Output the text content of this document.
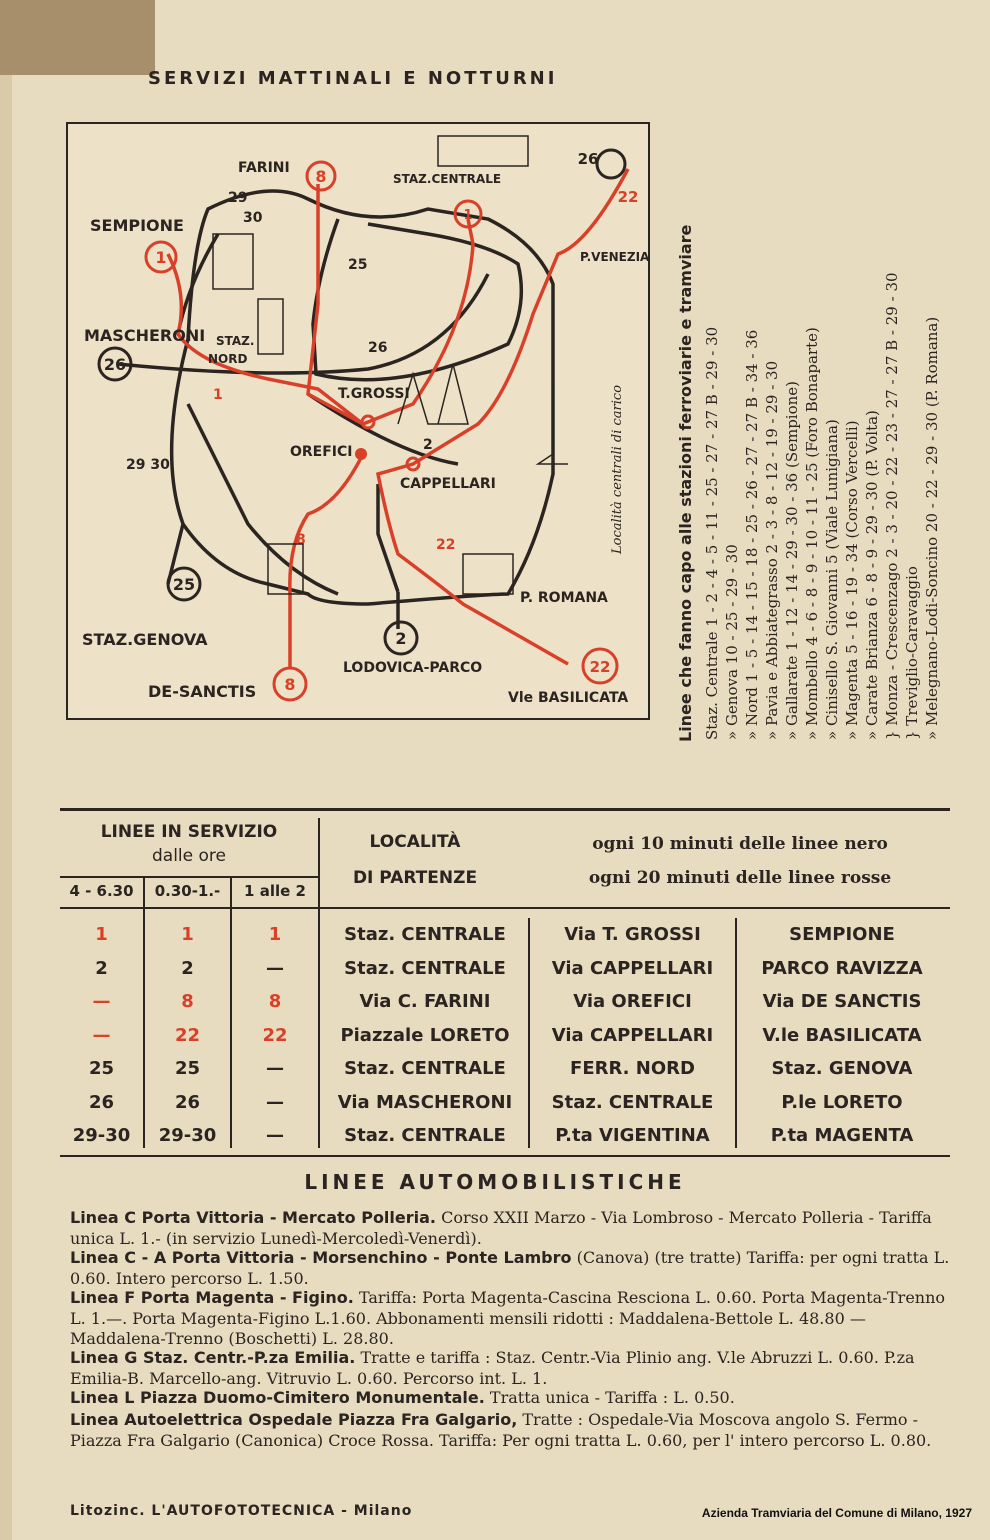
SERVIZI MATTINALI E NOTTURNI
8
1
26
22
26
25
2
8
22
1
29
30
25
26
2
29 30
8
1
22
FARINI
STAZ.CENTRALE
SEMPIONE
MASCHERONI STAZ.
NORD
T.GROSSI
OREFICI
CAPPELLARI
P.VENEZIA
P. ROMANA
STAZ.GENOVA
DE-SANCTIS
LODOVICA-PARCO
Vle BASILICATA
Località centrali di carico	Linee che fanno capo alle stazioni ferroviarie e tramviare Staz. Centrale 1 - 2 - 4 - 5 - 11 - 25 - 27 - 27 B - 29 - 30 » Genova 10 - 25 - 29 - 30 » Nord 1 - 5 - 14 - 15 - 18 - 25 - 26 - 27 - 27 B - 34 - 36 » Pavia e Abbiategrasso 2 - 3 - 8 - 12 - 19 - 29 - 30 » Gallarate 1 - 12 - 14 - 29 - 30 - 36 (Sempione) » Mombello 4 - 6 - 8 - 9 - 10 - 11 - 25 (Foro Bonaparte) » Cinisello S. Giovanni 5 (Viale Lunigiana) » Magenta 5 - 16 - 19 - 34 (Corso Vercelli) » Carate Brianza 6 - 8 - 9 - 29 - 30 (P. Volta) } Monza - Crescenzago 2 - 3 - 20 - 22 - 23 - 27 - 27 B - 29 - 30 } Treviglio-Caravaggio » Melegnano-Lodi-Soncino 20 - 22 - 29 - 30 (P. Romana)
LINEE IN SERVIZIO
dalle ore
4 - 6.30	0.30-1.-	1 alle 2
LOCALITÀ
DI PARTENZE
ogni 10 minuti delle linee nero
ogni 20 minuti delle linee rosse
1	1	1	Staz. CENTRALE	Via T. GROSSI	SEMPIONE
2	2	—	Staz. CENTRALE	Via CAPPELLARI	PARCO RAVIZZA
—	8	8	Via C. FARINI	Via OREFICI	Via DE SANCTIS
—	22	22	Piazzale LORETO	Via CAPPELLARI	V.le BASILICATA
25	25	—	Staz. CENTRALE	FERR. NORD	Staz. GENOVA
26	26	—	Via MASCHERONI	Staz. CENTRALE	P.le LORETO
29-30	29-30	—	Staz. CENTRALE	P.ta VIGENTINA	P.ta MAGENTA
LINEE AUTOMOBILISTICHE
Linea C Porta Vittoria - Mercato Polleria. Corso XXII Marzo - Via Lombroso - Mercato Polleria - Tariffa unica L. 1.- (in servizio Lunedì-Mercoledì-Venerdì).
Linea C - A Porta Vittoria - Morsenchino - Ponte Lambro (Canova) (tre tratte) Tariffa: per ogni tratta L. 0.60. Intero percorso L. 1.50.
Linea F Porta Magenta - Figino. Tariffa: Porta Magenta-Cascina Resciona L. 0.60. Porta Magenta-Trenno L. 1.—. Porta Magenta-Figino L.1.60. Abbonamenti mensili ridotti : Maddalena-Bettole L. 48.80 — Maddalena-Trenno (Boschetti) L. 28.80.
Linea G Staz. Centr.-P.za Emilia. Tratte e tariffa : Staz. Centr.-Via Plinio ang. V.le Abruzzi L. 0.60. P.za Emilia-B. Marcello-ang. Vitruvio L. 0.60. Percorso int. L. 1.
Linea L Piazza Duomo-Cimitero Monumentale. Tratta unica - Tariffa : L. 0.50.
Linea Autoelettrica Ospedale Piazza Fra Galgario, Tratte : Ospedale-Via Moscova angolo S. Fermo - Piazza Fra Galgario (Canonica) Croce Rossa. Tariffa: Per ogni tratta L. 0.60, per l' intero percorso L. 0.80.
Litozinc. L'AUTOFOTOTECNICA - Milano	Azienda Tramviaria del Comune di Milano, 1927
